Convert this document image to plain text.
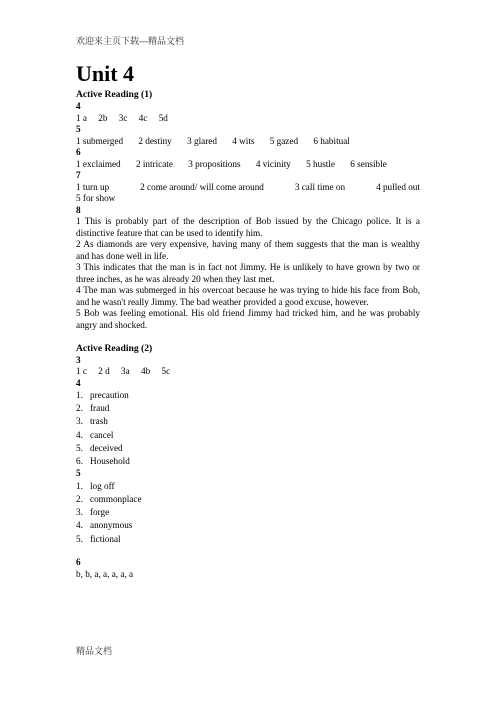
欢迎来主页下载---精品文档
Unit 4
Active Reading (1)
4
1 a 2b 3c 4c 5d
5
1 submerged 2 destiny 3 glared 4 wits 5 gazed 6 habitual
6
1 exclaimed 2 intricate 3 propositions 4 vicinity 5 hustle 6 sensible
7
1 turn up	2 come around/ will come around	3 call time on	4 pulled out
5 for show
8

1 This is probably part of the description of Bob issued by the Chicago police. It is a distinctive feature that can be used to identify him.

2 As diamonds are very expensive, having many of them suggests that the man is wealthy and has done well in life.

3 This indicates that the man is in fact not Jimmy. He is unlikely to have grown by two or three inches, as he was already 20 when they last met.

4 The man was submerged in his overcoat because he was trying to hide his face from Bob, and he wasn't really Jimmy. The bad weather provided a good excuse, however.

5 Bob was feeling emotional. His old friend Jimmy had tricked him, and he was probably angry and shocked.

Active Reading (2)
3
1 c 2 d 3a 4b 5c
4
1. precaution
2. fraud
3. trash
4. cancel
5. deceived
6. Household
5
1. log off
2. commonplace
3. forge
4. anonymous
5. fictional
6
b, b, a, a, a, a, a
精品文档
